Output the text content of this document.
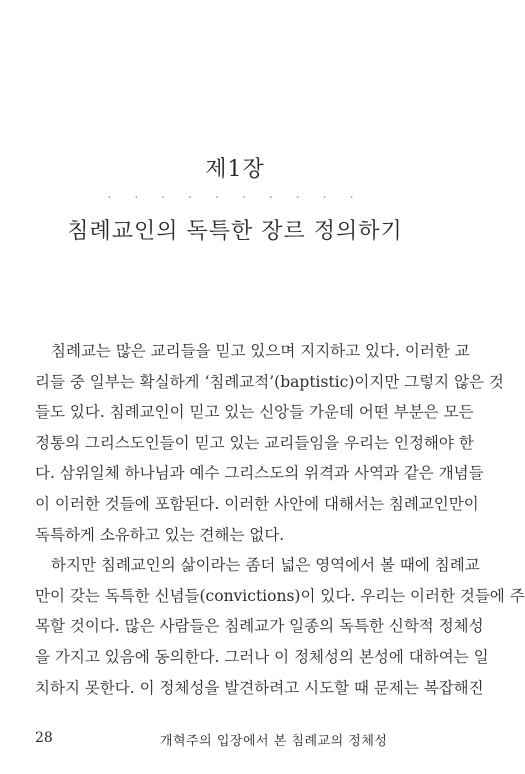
제1장
· · · · · · · · · ·
침례교인의 독특한 장르 정의하기
침례교는 많은 교리들을 믿고 있으며 지지하고 있다. 이러한 교
리들 중 일부는 확실하게 ‘침례교적’(baptistic)이지만 그렇지 않은 것
들도 있다. 침례교인이 믿고 있는 신앙들 가운데 어떤 부분은 모든
정통의 그리스도인들이 믿고 있는 교리들임을 우리는 인정해야 한
다. 삼위일체 하나님과 예수 그리스도의 위격과 사역과 같은 개념들
이 이러한 것들에 포함된다. 이러한 사안에 대해서는 침례교인만이
독특하게 소유하고 있는 견해는 없다.
하지만 침례교인의 삶이라는 좀더 넓은 영역에서 볼 때에 침례교
만이 갖는 독특한 신념들(convictions)이 있다. 우리는 이러한 것들에 주
목할 것이다. 많은 사람들은 침례교가 일종의 독특한 신학적 정체성
을 가지고 있음에 동의한다. 그러나 이 정체성의 본성에 대하여는 일
치하지 못한다. 이 정체성을 발견하려고 시도할 때 문제는 복잡해진
28	개혁주의 입장에서 본 침례교의 정체성
